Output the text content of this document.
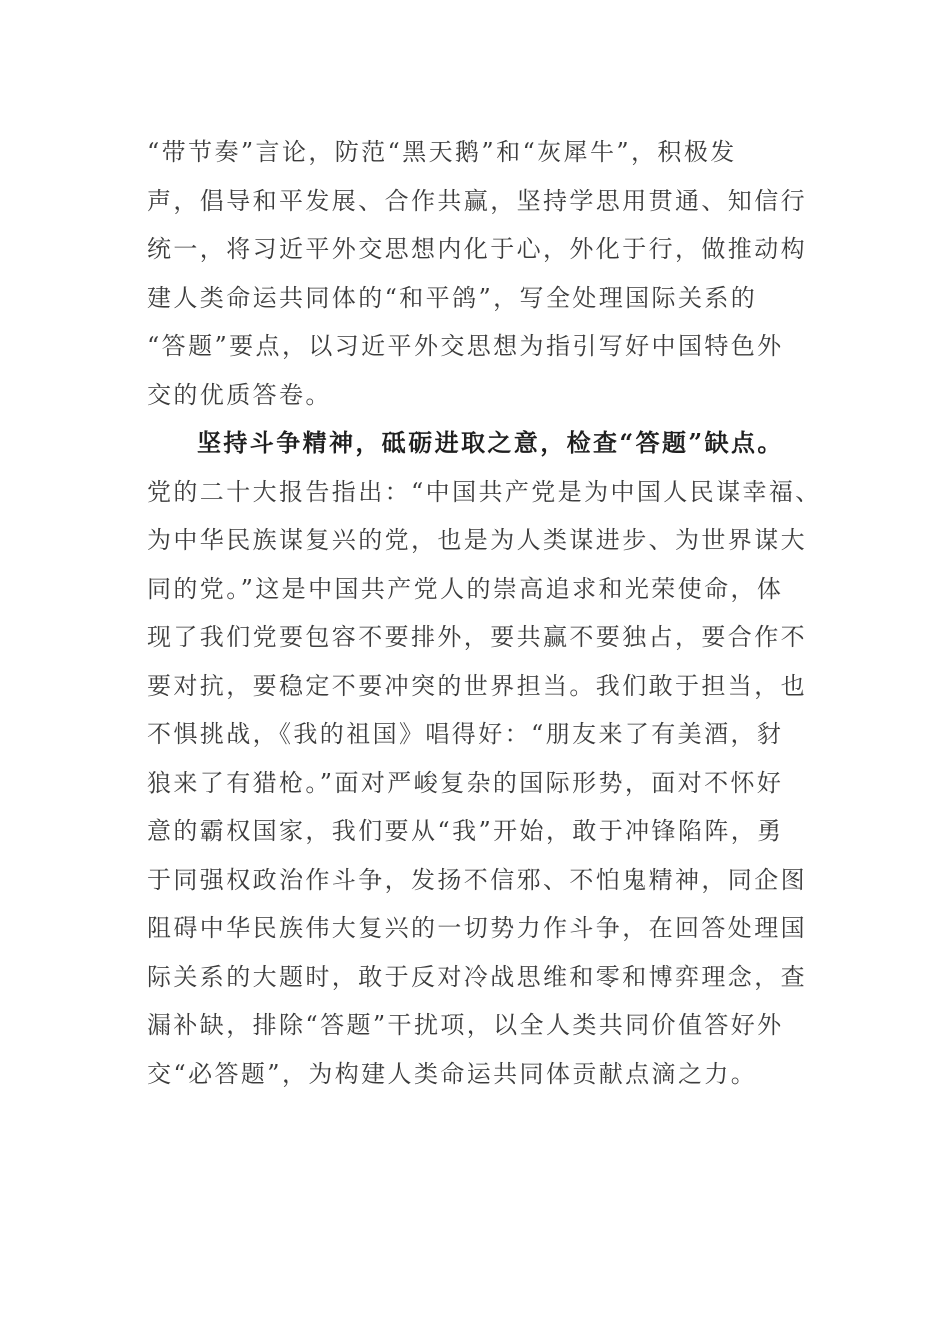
“带节奏”言论，防范“黑天鹅”和“灰犀牛”，积极发
声，倡导和平发展、合作共赢，坚持学思用贯通、知信行
统一，将习近平外交思想内化于心，外化于行，做推动构
建人类命运共同体的“和平鸽”，写全处理国际关系的
“答题”要点，以习近平外交思想为指引写好中国特色外
交的优质答卷。
坚持斗争精神，砥砺进取之意，检查“答题”缺点。
党的二十大报告指出：“中国共产党是为中国人民谋幸福、
为中华民族谋复兴的党，也是为人类谋进步、为世界谋大
同的党。”这是中国共产党人的崇高追求和光荣使命，体
现了我们党要包容不要排外，要共赢不要独占，要合作不
要对抗，要稳定不要冲突的世界担当。我们敢于担当，也
不惧挑战，《我的祖国》唱得好：“朋友来了有美酒，豺
狼来了有猎枪。”面对严峻复杂的国际形势，面对不怀好
意的霸权国家，我们要从“我”开始，敢于冲锋陷阵，勇
于同强权政治作斗争，发扬不信邪、不怕鬼精神，同企图
阻碍中华民族伟大复兴的一切势力作斗争，在回答处理国
际关系的大题时，敢于反对冷战思维和零和博弈理念，查
漏补缺，排除“答题”干扰项，以全人类共同价值答好外
交“必答题”，为构建人类命运共同体贡献点滴之力。
